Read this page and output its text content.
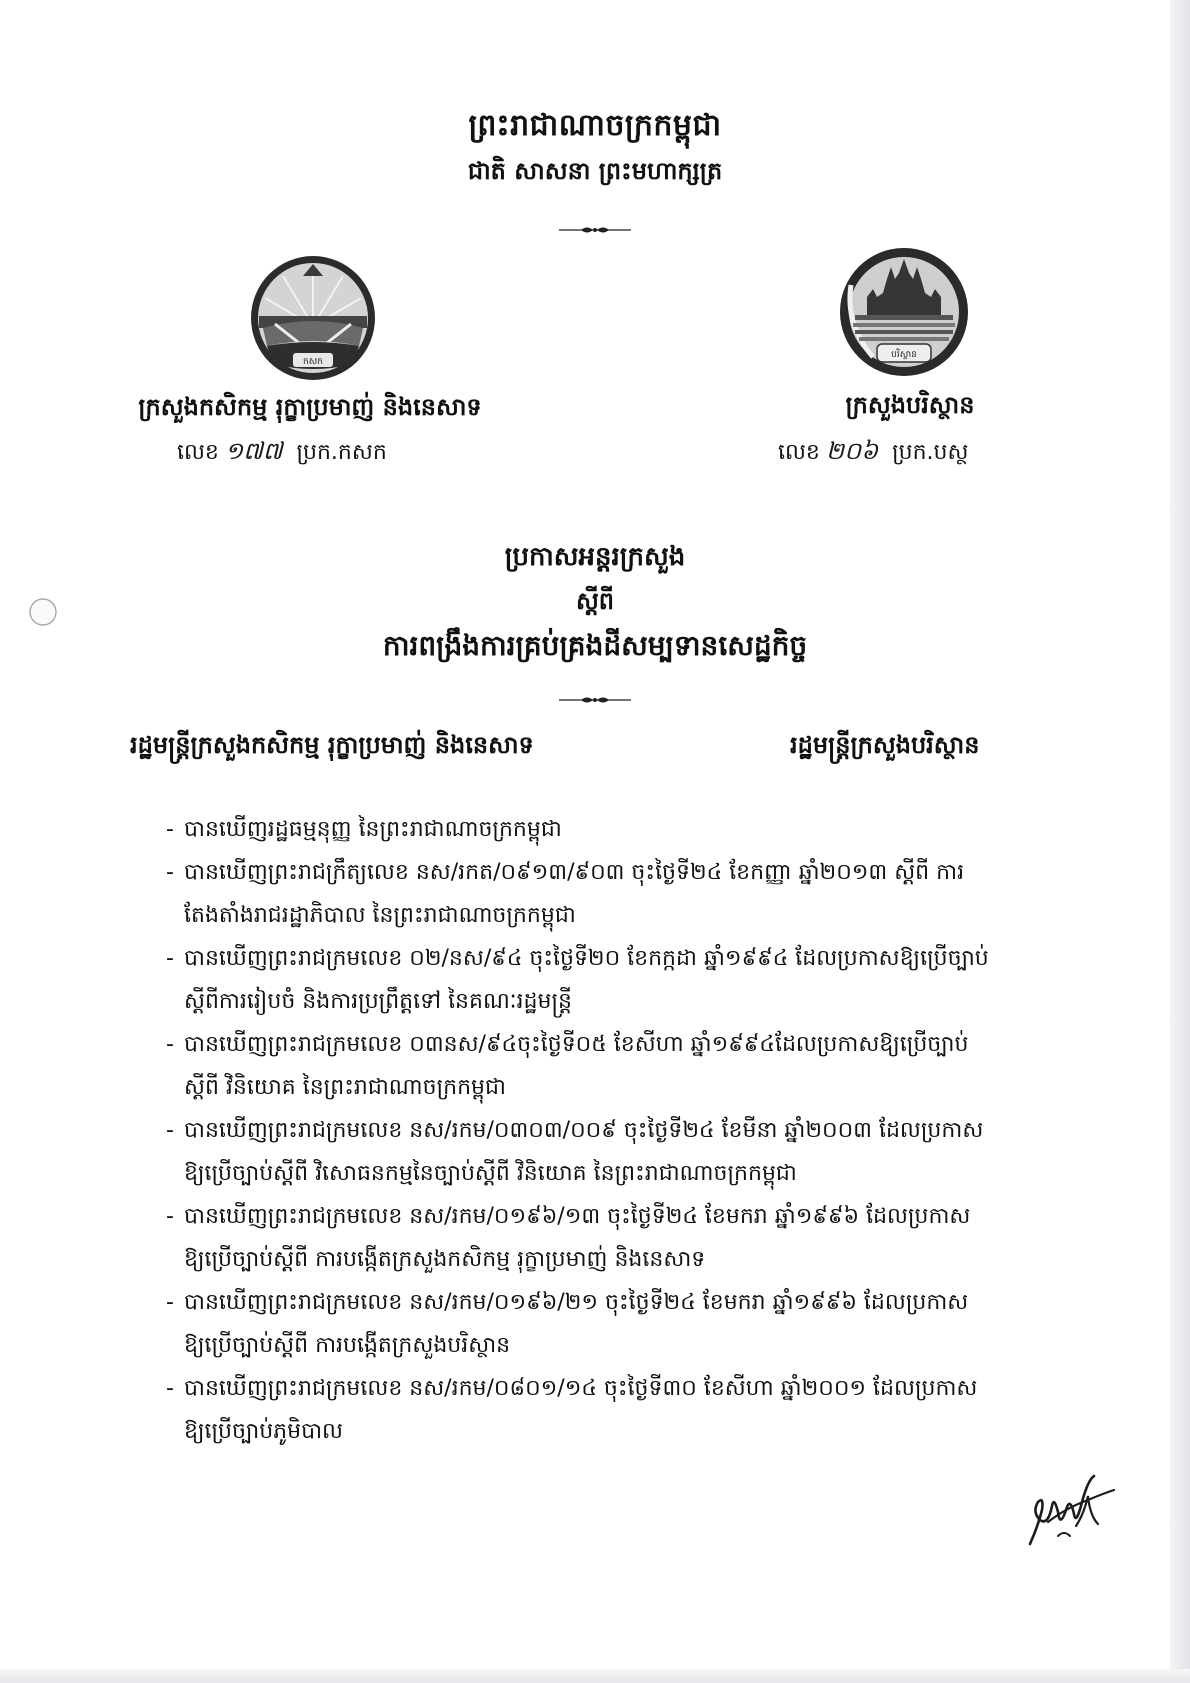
ព្រះរាជាណាចក្រកម្ពុជា
ជាតិ សាសនា ព្រះមហាក្សត្រ
កសក
បរិស្ថាន
ក្រសួងកសិកម្ម រុក្ខាប្រមាញ់ និងនេសាទ	ក្រសួងបរិស្ថាន
លេខ ១៧៧ ប្រក.កសក	លេខ ២០៦ ប្រក.បស្ថ
ប្រកាសអន្តរក្រសួង
ស្តីពី
ការពង្រឹងការគ្រប់គ្រងដីសម្បទានសេដ្ឋកិច្ច
រដ្ឋមន្ត្រីក្រសួងកសិកម្ម រុក្ខាប្រមាញ់ និងនេសាទ	រដ្ឋមន្ត្រីក្រសួងបរិស្ថាន
- បានឃើញរដ្ឋធម្មនុញ្ញ នៃព្រះរាជាណាចក្រកម្ពុជា
- បានឃើញព្រះរាជក្រឹត្យលេខ នស/រកត/០៩១៣/៩០៣ ចុះថ្ងៃទី២៤ ខែកញ្ញា ឆ្នាំ២០១៣ ស្តីពី ការ
តែងតាំងរាជរដ្ឋាភិបាល នៃព្រះរាជាណាចក្រកម្ពុជា
- បានឃើញព្រះរាជក្រមលេខ ០២/នស/៩៤ ចុះថ្ងៃទី២០ ខែកក្កដា ឆ្នាំ១៩៩៤ ដែលប្រកាសឱ្យប្រើច្បាប់
ស្តីពីការរៀបចំ និងការប្រព្រឹត្តទៅ នៃគណៈរដ្ឋមន្ត្រី
- បានឃើញព្រះរាជក្រមលេខ ០៣នស/៩៤ចុះថ្ងៃទី០៥ ខែសីហា ឆ្នាំ១៩៩៤ដែលប្រកាសឱ្យប្រើច្បាប់
ស្តីពី វិនិយោគ នៃព្រះរាជាណាចក្រកម្ពុជា
- បានឃើញព្រះរាជក្រមលេខ នស/រកម/០៣០៣/០០៩ ចុះថ្ងៃទី២៤ ខែមីនា ឆ្នាំ២០០៣ ដែលប្រកាស
ឱ្យប្រើច្បាប់ស្តីពី វិសោធនកម្មនៃច្បាប់ស្តីពី វិនិយោគ នៃព្រះរាជាណាចក្រកម្ពុជា
- បានឃើញព្រះរាជក្រមលេខ នស/រកម/០១៩៦/១៣ ចុះថ្ងៃទី២៤ ខែមករា ឆ្នាំ១៩៩៦ ដែលប្រកាស
ឱ្យប្រើច្បាប់ស្តីពី ការបង្កើតក្រសួងកសិកម្ម រុក្ខាប្រមាញ់ និងនេសាទ
- បានឃើញព្រះរាជក្រមលេខ នស/រកម/០១៩៦/២១ ចុះថ្ងៃទី២៤ ខែមករា ឆ្នាំ១៩៩៦ ដែលប្រកាស
ឱ្យប្រើច្បាប់ស្តីពី ការបង្កើតក្រសួងបរិស្ថាន
- បានឃើញព្រះរាជក្រមលេខ នស/រកម/០៨០១/១៤ ចុះថ្ងៃទី៣០ ខែសីហា ឆ្នាំ២០០១ ដែលប្រកាស
ឱ្យប្រើច្បាប់ភូមិបាល
